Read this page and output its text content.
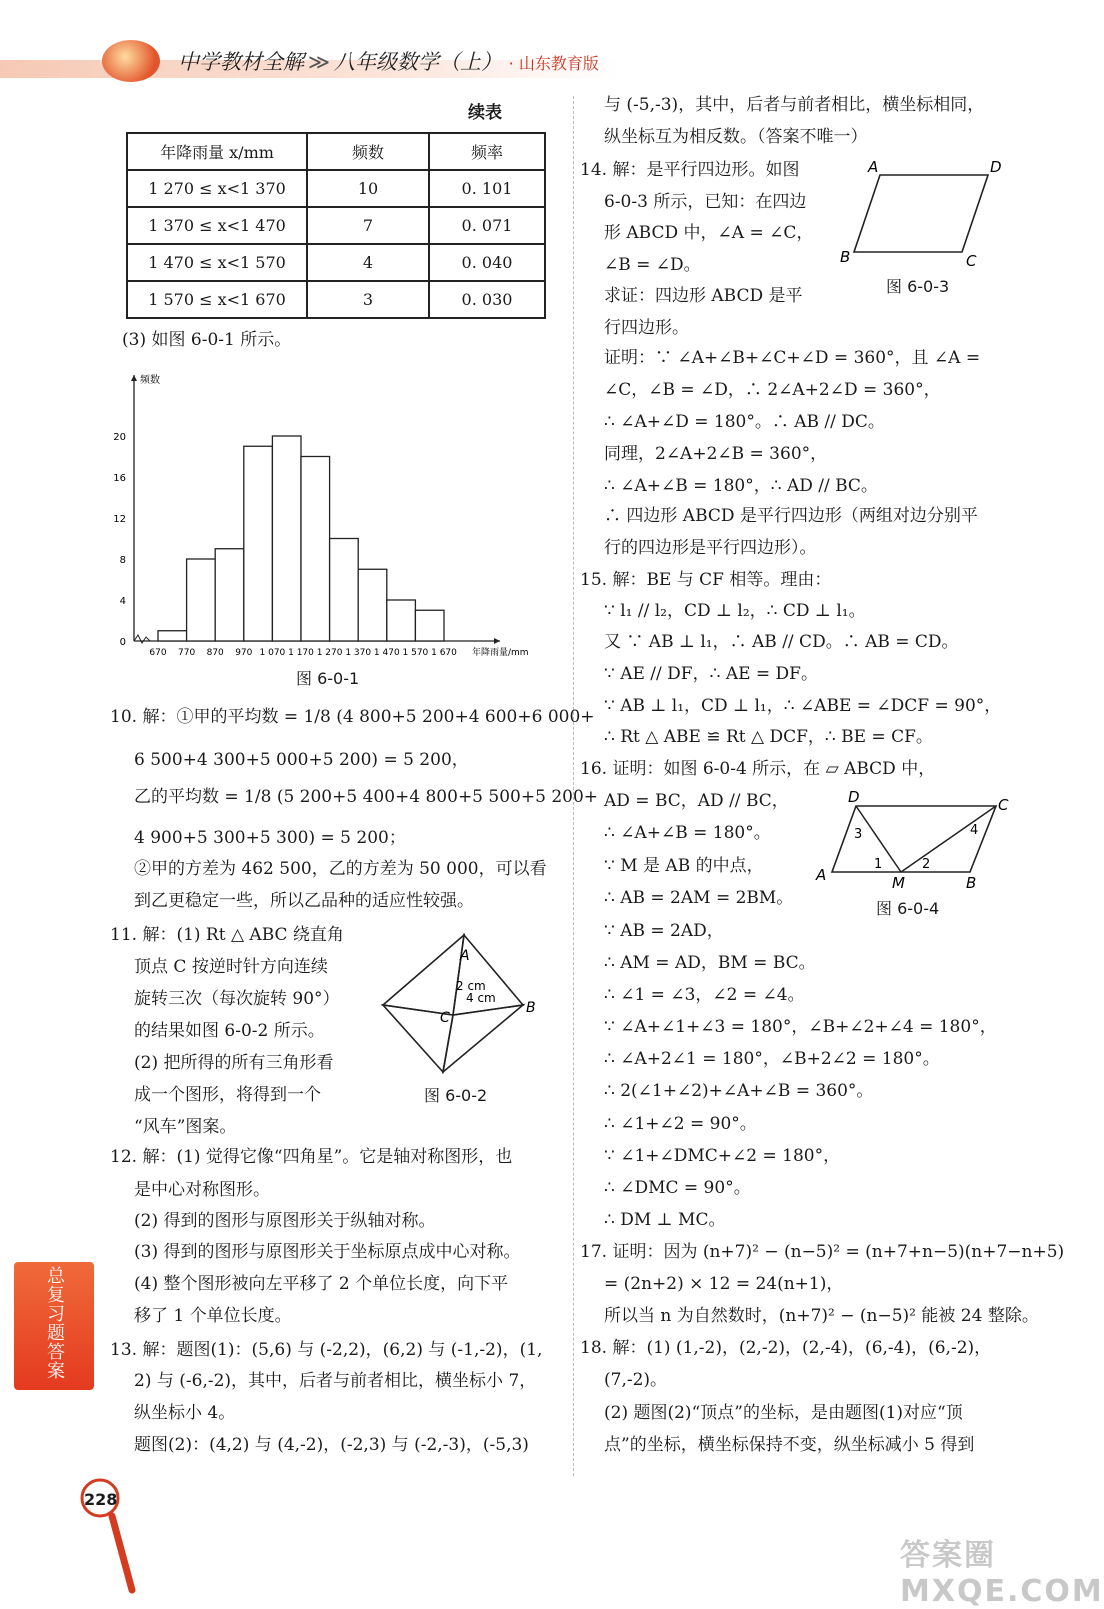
中学教材全解 ≫ 八年级数学（上） · 山东教育版
续表
年降雨量 x/mm	频数	频率
1 270 ≤ x<1 370	10	0. 101
1 370 ≤ x<1 470	7	0. 071
1 470 ≤ x<1 570	4	0. 040
1 570 ≤ x<1 670	3	0. 030
(3) 如图 6-0-1 所示。
频数
0
4
8
12
16
20
670 770 870 970 1 070 1 170 1 270 1 370 1 470 1 570 1 670 年降雨量/mm
图 6-0-1
10. 解：①甲的平均数 = 1/8 (4 800+5 200+4 600+6 000+
6 500+4 300+5 000+5 200) = 5 200，
乙的平均数 = 1/8 (5 200+5 400+4 800+5 500+5 200+
4 900+5 300+5 300) = 5 200；
②甲的方差为 462 500，乙的方差为 50 000，可以看
到乙更稳定一些，所以乙品种的适应性较强。
11. 解：(1) Rt △ ABC 绕直角
顶点 C 按逆时针方向连续
旋转三次（每次旋转 90°）
的结果如图 6-0-2 所示。
(2) 把所得的所有三角形看
成一个图形，将得到一个
“风车”图案。
A
B
C
2 cm
4 cm
图 6-0-2
12. 解：(1) 觉得它像“四角星”。它是轴对称图形，也
是中心对称图形。
(2) 得到的图形与原图形关于纵轴对称。
(3) 得到的图形与原图形关于坐标原点成中心对称。
(4) 整个图形被向左平移了 2 个单位长度，向下平
移了 1 个单位长度。
13. 解：题图(1)：(5,6) 与 (-2,2)，(6,2) 与 (-1,-2)，(1,
2) 与 (-6,-2)，其中，后者与前者相比，横坐标小 7，
纵坐标小 4。
题图(2)：(4,2) 与 (4,-2)，(-2,3) 与 (-2,-3)，(-5,3)
与 (-5,-3)，其中，后者与前者相比，横坐标相同，
纵坐标互为相反数。（答案不唯一）
14. 解：是平行四边形。如图
6-0-3 所示，已知：在四边
形 ABCD 中，∠A = ∠C，
∠B = ∠D。
求证：四边形 ABCD 是平
行四边形。
A	D
B	C
图 6-0-3
证明：∵ ∠A+∠B+∠C+∠D = 360°，且 ∠A =
∠C，∠B = ∠D，∴ 2∠A+2∠D = 360°，
∴ ∠A+∠D = 180°。∴ AB // DC。
同理，2∠A+2∠B = 360°，
∴ ∠A+∠B = 180°，∴ AD // BC。
∴ 四边形 ABCD 是平行四边形（两组对边分别平
行的四边形是平行四边形）。
15. 解：BE 与 CF 相等。理由：
∵ l₁ // l₂，CD ⊥ l₂，∴ CD ⊥ l₁。
又 ∵ AB ⊥ l₁，∴ AB // CD。∴ AB = CD。
∵ AE // DF，∴ AE = DF。
∵ AB ⊥ l₁，CD ⊥ l₁，∴ ∠ABE = ∠DCF = 90°，
∴ Rt △ ABE ≌ Rt △ DCF，∴ BE = CF。
16. 证明：如图 6-0-4 所示，在 ▱ ABCD 中，
AD = BC，AD // BC，
∴ ∠A+∠B = 180°。
∵ M 是 AB 的中点，
∴ AB = 2AM = 2BM。
D	C
A	M	B
1	2
3	4
图 6-0-4
∵ AB = 2AD，
∴ AM = AD，BM = BC。
∴ ∠1 = ∠3，∠2 = ∠4。
∵ ∠A+∠1+∠3 = 180°，∠B+∠2+∠4 = 180°，
∴ ∠A+2∠1 = 180°，∠B+2∠2 = 180°。
∴ 2(∠1+∠2)+∠A+∠B = 360°。
∴ ∠1+∠2 = 90°。
∵ ∠1+∠DMC+∠2 = 180°，
∴ ∠DMC = 90°。
∴ DM ⊥ MC。
17. 证明：因为 (n+7)² − (n−5)² = (n+7+n−5)(n+7−n+5)
= (2n+2) × 12 = 24(n+1)，
所以当 n 为自然数时，(n+7)² − (n−5)² 能被 24 整除。
18. 解：(1) (1,-2)，(2,-2)，(2,-4)，(6,-4)，(6,-2)，
(7,-2)。
(2) 题图(2)“顶点”的坐标，是由题图(1)对应“顶
点”的坐标，横坐标保持不变，纵坐标减小 5 得到
总复习题答案
228
答案圈 MXQE.COM
